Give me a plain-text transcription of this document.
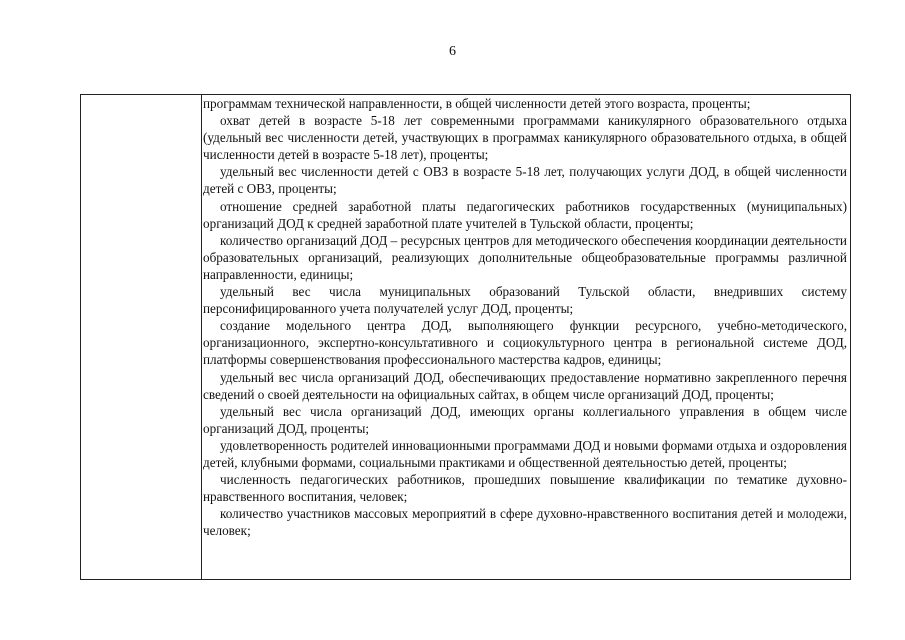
6

программам технической направленности, в общей численности детей этого возраста, проценты;

охват детей в возрасте 5-18 лет современными программами каникулярного образовательного отдыха (удельный вес численности детей, участвующих в программах каникулярного образовательного отдыха, в общей численности детей в возрасте 5-18 лет), проценты;

удельный вес численности детей с ОВЗ в возрасте 5-18 лет, получающих услуги ДОД, в общей численности детей с ОВЗ, проценты;

отношение средней заработной платы педагогических работников государственных (муниципальных) организаций ДОД к средней заработной плате учителей в Тульской области, проценты;

количество организаций ДОД – ресурсных центров для методического обеспечения координации деятельности образовательных организаций, реализующих дополнительные общеобразовательные программы различной направленности, единицы;

удельный вес числа муниципальных образований Тульской области, внедривших систему персонифицированного учета получателей услуг ДОД, проценты;

создание модельного центра ДОД, выполняющего функции ресурсного, учебно-методического, организационного, экспертно-консультативного и социокультурного центра в региональной системе ДОД, платформы совершенствования профессионального мастерства кадров, единицы;

удельный вес числа организаций ДОД, обеспечивающих предоставление нормативно закрепленного перечня сведений о своей деятельности на официальных сайтах, в общем числе организаций ДОД, проценты;

удельный вес числа организаций ДОД, имеющих органы коллегиального управления в общем числе организаций ДОД, проценты;

удовлетворенность родителей инновационными программами ДОД и новыми формами отдыха и оздоровления детей, клубными формами, социальными практиками и общественной деятельностью детей, проценты;

численность педагогических работников, прошедших повышение квалификации по тематике духовно-нравственного воспитания, человек;

количество участников массовых мероприятий в сфере духовно-нравственного воспитания детей и молодежи, человек;
